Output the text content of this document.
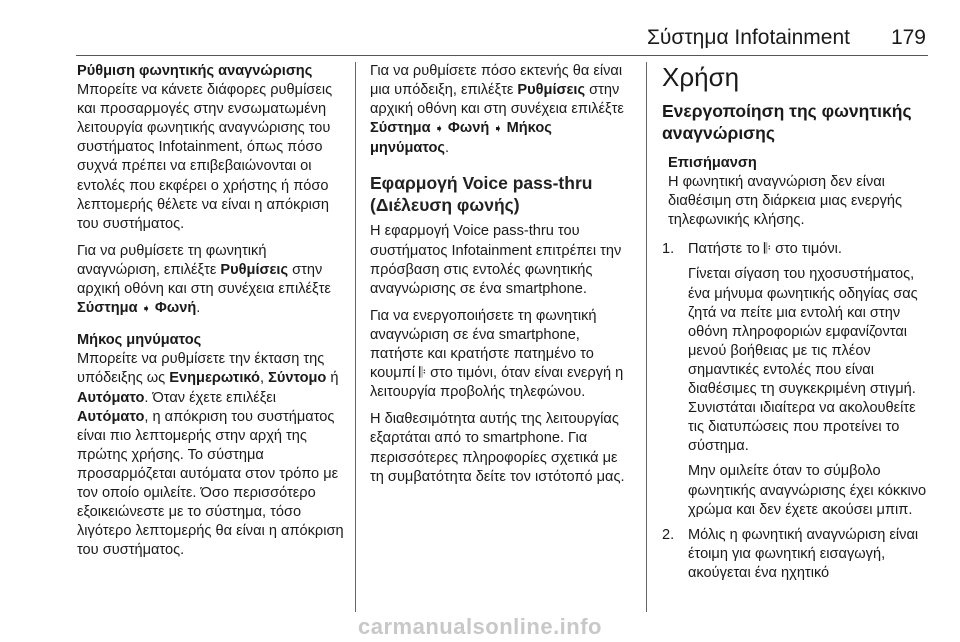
Σύστημα Infotainment 179
Ρύθμιση φωνητικής αναγνώρισης

Μπορείτε να κάνετε διάφορες ρυθμίσεις και προσαρμογές στην ενσωματωμένη λειτουργία φωνητικής αναγνώρισης του συστήματος Infotainment, όπως πόσο συχνά πρέπει να επιβεβαιώνονται οι εντολές που εκφέρει ο χρήστης ή πόσο λεπτομερής θέλετε να είναι η απόκριση του συστήματος.

Για να ρυθμίσετε τη φωνητική αναγνώριση, επιλέξτε Ρυθμίσεις στην αρχική οθόνη και στη συνέχεια επιλέξτε Σύστημα ➧ Φωνή.

Μήκος μηνύματος

Μπορείτε να ρυθμίσετε την έκταση της υπόδειξης ως Ενημερωτικό, Σύντομο ή Αυτόματο. Όταν έχετε επιλέξει Αυτόματο, η απόκριση του συστήματος είναι πιο λεπτομερής στην αρχή της πρώτης χρήσης. Το σύστημα προσαρμόζεται αυτόματα στον τρόπο με τον οποίο ομιλείτε. Όσο περισσότερο εξοικειώνεστε με το σύστημα, τόσο λιγότερο λεπτομερής θα είναι η απόκριση του συστήματος.

Για να ρυθμίσετε πόσο εκτενής θα είναι μια υπόδειξη, επιλέξτε Ρυθμίσεις στην αρχική οθόνη και στη συνέχεια επιλέξτε Σύστημα ➧ Φωνή ➧ Μήκος μηνύματος.

Εφαρμογή Voice pass-thru (Διέλευση φωνής)

Η εφαρμογή Voice pass-thru του συστήματος Infotainment επιτρέπει την πρόσβαση στις εντολές φωνητικής αναγνώρισης σε ένα smartphone.

Για να ενεργοποιήσετε τη φωνητική αναγνώριση σε ένα smartphone, πατήστε και κρατήστε πατημένο το κουμπί 𝄆 στο τιμόνι, όταν είναι ενεργή η λειτουργία προβολής τηλεφώνου.

Η διαθεσιμότητα αυτής της λειτουργίας εξαρτάται από το smartphone. Για περισσότερες πληροφορίες σχετικά με τη συμβατότητα δείτε τον ιστότοπό μας.

Χρήση
Ενεργοποίηση της φωνητικής αναγνώρισης
Επισήμανση
Η φωνητική αναγνώριση δεν είναι διαθέσιμη στη διάρκεια μιας ενεργής τηλεφωνικής κλήσης.
1. Πατήστε το 𝄆 στο τιμόνι.

Γίνεται σίγαση του ηχοσυστήματος, ένα μήνυμα φωνητικής οδηγίας σας ζητά να πείτε μια εντολή και στην οθόνη πληροφοριών εμφανίζονται μενού βοήθειας με τις πλέον σημαντικές εντολές που είναι διαθέσιμες τη συγκεκριμένη στιγμή. Συνιστάται ιδιαίτερα να ακολουθείτε τις διατυπώσεις που προτείνει το σύστημα.

Μην ομιλείτε όταν το σύμβολο φωνητικής αναγνώρισης έχει κόκκινο χρώμα και δεν έχετε ακούσει μπιπ.

2. Μόλις η φωνητική αναγνώριση είναι έτοιμη για φωνητική εισαγωγή, ακούγεται ένα ηχητικό

carmanualsonline.info
